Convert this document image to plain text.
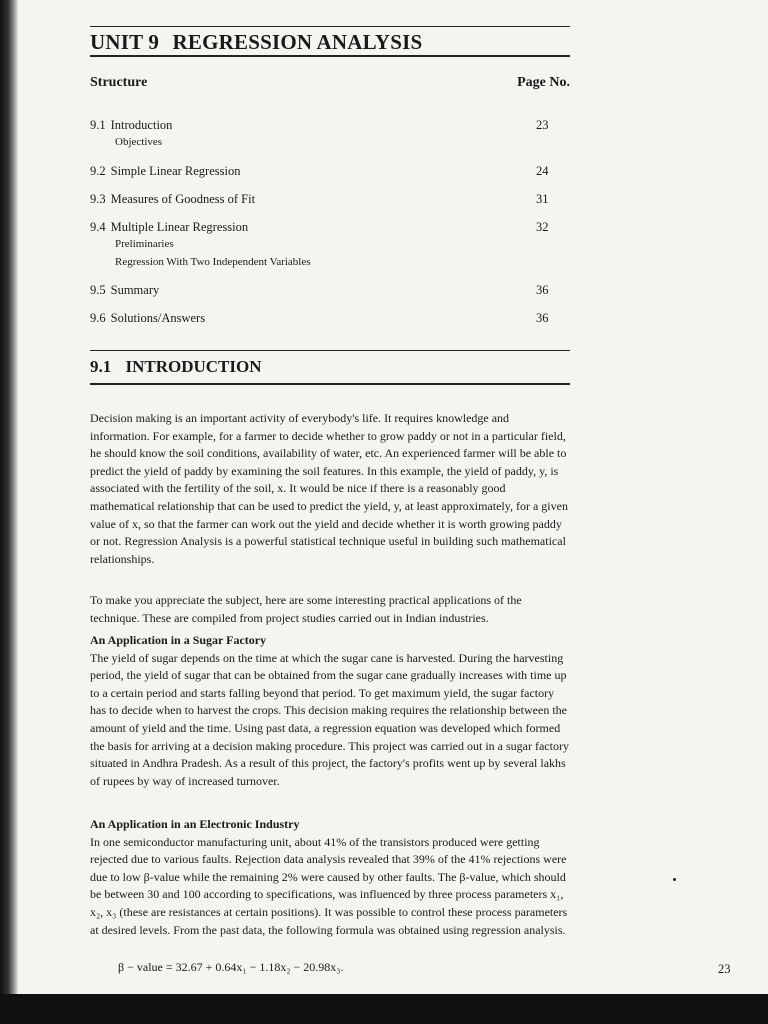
UNIT 9 REGRESSION ANALYSIS
Structure	Page No.
9.1 Introduction	23
Objectives
9.2 Simple Linear Regression	24
9.3 Measures of Goodness of Fit	31
9.4 Multiple Linear Regression	32
Preliminaries
Regression With Two Independent Variables
9.5 Summary	36
9.6 Solutions/Answers	36
9.1 INTRODUCTION

Decision making is an important activity of everybody's life. It requires knowledge and information. For example, for a farmer to decide whether to grow paddy or not in a particular field, he should know the soil conditions, availability of water, etc. An experienced farmer will be able to predict the yield of paddy by examining the soil features. In this example, the yield of paddy, y, is associated with the fertility of the soil, x. It would be nice if there is a reasonably good mathematical relationship that can be used to predict the yield, y, at least approximately, for a given value of x, so that the farmer can work out the yield and decide whether it is worth growing paddy or not. Regression Analysis is a powerful statistical technique useful in building such mathematical relationships.

To make you appreciate the subject, here are some interesting practical applications of the technique. These are compiled from project studies carried out in Indian industries.

An Application in a Sugar Factory
The yield of sugar depends on the time at which the sugar cane is harvested. During the harvesting period, the yield of sugar that can be obtained from the sugar cane gradually increases with time up to a certain period and starts falling beyond that period. To get maximum yield, the sugar factory has to decide when to harvest the crops. This decision making requires the relationship between the amount of yield and the time. Using past data, a regression equation was developed which formed the basis for arriving at a decision making procedure. This project was carried out in a sugar factory situated in Andhra Pradesh. As a result of this project, the factory's profits went up by several lakhs of rupees by way of increased turnover.
An Application in an Electronic Industry
In one semiconductor manufacturing unit, about 41% of the transistors produced were getting rejected due to various faults. Rejection data analysis revealed that 39% of the 41% rejections were due to low β-value while the remaining 2% were caused by other faults. The β-value, which should be between 30 and 100 according to specifications, was influenced by three process parameters x₁, x₂, x₃ (these are resistances at certain positions). It was possible to control these process parameters at desired levels. From the past data, the following formula was obtained using regression analysis.
β − value = 32.67 + 0.64x₁ − 1.18x₂ − 20.98x₃.	23
